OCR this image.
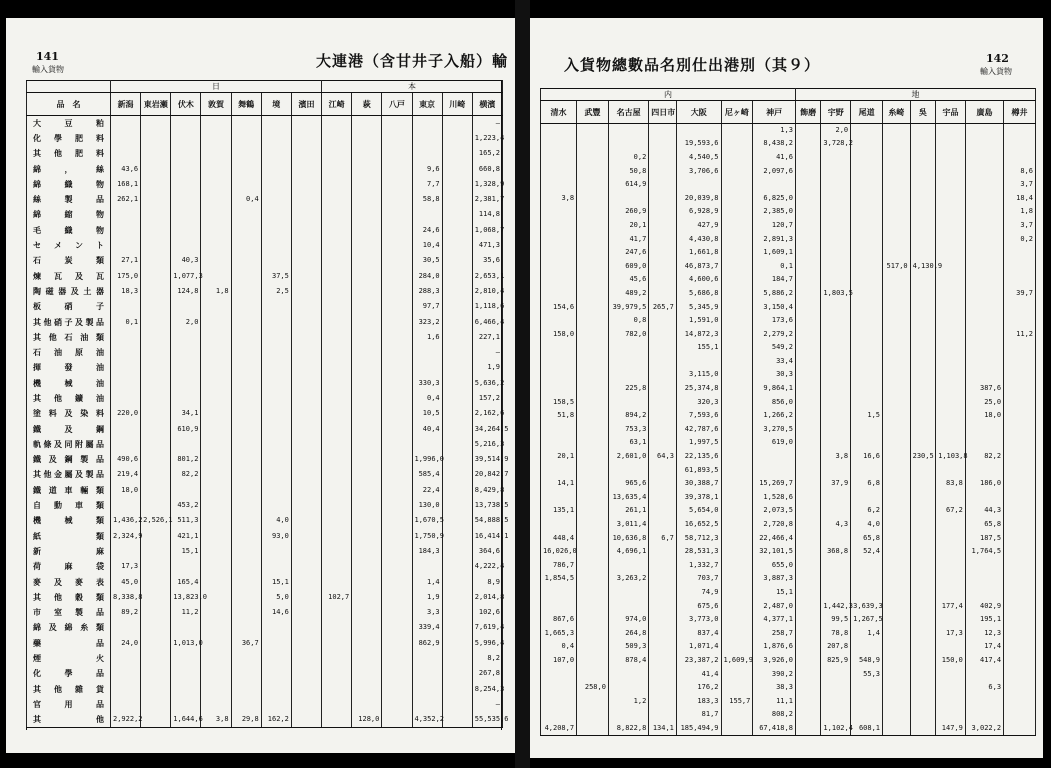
141
輸入貨物	大連港（含甘井子入船）輸
	日							本					
品　名	新潟	東岩瀬	伏木	敦賀	舞鶴	境	濱田	江崎	萩	八戸	東京	川崎	横濱
大豆粕													—
化學肥料													1,223,4
其他肥料													165,2
綿，絲	43,6										9,6		660,8
綿織物	168,1										7,7		1,328,9
絲製品	262,1				0,4						58,8		2,381,7
綿縮物													114,8
毛織物											24,6		1,068,7
セメント											10,4		471,3
石炭類	27,1		40,3								30,5		35,6
煉瓦及瓦	175,0		1,077,3			37,5					284,0		2,653,1
陶磁器及土器	18,3		124,8	1,8		2,5					288,3		2,810,4
板硝子											97,7		1,118,6
其他硝子及製品	0,1		2,0								323,2		6,466,4
其他石油類											1,6		227,1
石油原油													—
揮發油													1,9
機械油											330,3		5,636,2
其他鑛油											0,4		157,2
塗料及染料	220,0		34,1								10,5		2,162,6
鐵及鋼			610,9								40,4		34,264,5
軌條及同附屬品													5,216,3
鐵及鋼製品	490,6		801,2								1,996,0		39,514,9
其他金屬及製品	219,4		82,2								585,4		20,842,7
鐵道車輛類	18,0										22,4		8,429,8
自動車類			453,2								130,0		13,738,5
機械類	1,436,2	2,526,1	511,3			4,0					1,670,5		54,888,5
紙類	2,324,9		421,1			93,0					1,750,9		16,414,1
新麻			15,1								184,3		364,6
荷麻袋	17,3												4,222,4
麥及麥表	45,0		165,4			15,1					1,4		8,9
其他穀類	8,338,8		13,823,0			5,0		102,7			1,9		2,014,8
市室製品	89,2		11,2			14,6					3,3		102,6
綿及綿糸類											339,4		7,619,4
藥品	24,0		1,013,0		36,7						862,9		5,996,4
煙火													8,2
化學品													267,8
其他雜貨													8,254,3
官用品													—
其他	2,922,2		1,644,6	3,8	29,8	162,2			128,0		4,352,2		55,535,6
入貨物總數品名別仕出港別（其９）	142
輸入貨物
内							地							
清水	武豐	名古屋	四日市	大阪	尼ヶ崎	神戸	飾磨	宇野	尾道	糸崎	吳	宇品	廣島	樽井
						1,3		2,0						
				19,593,6		8,438,2		3,728,2						
		0,2		4,540,5		41,6								
		50,8		3,706,6		2,097,6								8,6
		614,9												3,7
3,8				20,039,8		6,825,0								18,4
		260,9		6,928,9		2,385,0								1,8
		20,1		427,9		120,7								3,7
		41,7		4,430,8		2,891,3								0,2
		247,6		1,661,8		1,609,1								
		609,0		46,873,7		0,1				517,0	4,130,9			
		45,6		4,600,6		184,7								
		489,2		5,686,8		5,886,2		1,803,5						39,7
154,6		39,979,5	265,7	5,345,9		3,150,4								
		0,8		1,591,0		173,6								
158,0		782,0		14,872,3		2,279,2								11,2
				155,1		549,2								
						33,4								
				3,115,0		30,3								
		225,8		25,374,8		9,864,1							387,6	
158,5				320,3		856,0							25,0	
51,8		894,2		7,593,6		1,266,2			1,5				18,0	
		753,3		42,787,6		3,270,5								
		63,1		1,997,5		619,0								
20,1		2,601,0	64,3	22,135,6				3,8	16,6		230,5	1,103,8	82,2	
				61,893,5										
14,1		965,6		30,388,7		15,269,7		37,9	6,8			83,8	186,0	
		13,635,4		39,378,1		1,528,6								
135,1		261,1		5,654,0		2,073,5			6,2			67,2	44,3	
		3,011,4		16,652,5		2,720,8		4,3	4,0				65,8	
448,4		10,636,8	6,7	58,712,3		22,466,4			65,8				187,5	
16,026,0		4,696,1		28,531,3		32,101,5		368,8	52,4				1,764,5	
786,7				1,332,7		655,0								
1,854,5		3,263,2		703,7		3,887,3								
				74,9		15,1								
				675,6		2,487,0		1,442,3	3,639,3			177,4	402,9	
867,6		974,0		3,773,0		4,377,1		99,5	1,267,5				195,1	
1,665,3		264,8		837,4		258,7		78,8	1,4			17,3	12,3	
0,4		509,3		1,071,4		1,876,6		207,8					17,4	
107,0		878,4		23,387,2	1,609,9	3,926,0		825,9	548,9			150,0	417,4	
				41,4		390,2			55,3					
	258,0			176,2		38,3							6,3	
		1,2		183,3	155,7	11,1								
				81,7		808,2								
4,208,7		8,822,8	134,1	185,494,9		67,418,8		1,102,4	608,1			147,9	3,022,2	
